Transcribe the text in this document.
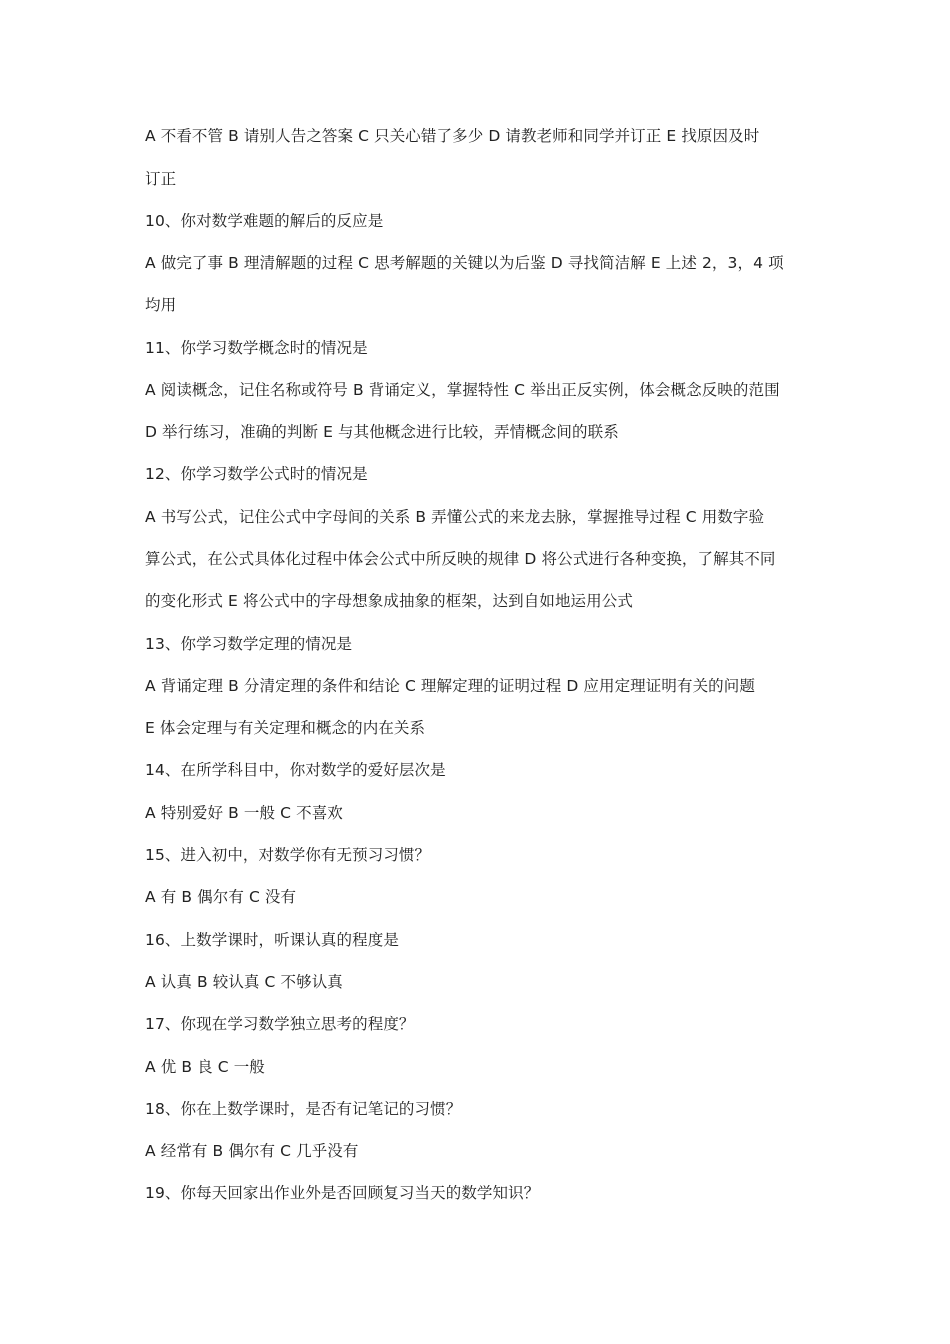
A 不看不管 B 请别人告之答案 C 只关心错了多少 D 请教老师和同学并订正 E 找原因及时
订正
10、你对数学难题的解后的反应是
A 做完了事 B 理清解题的过程 C 思考解题的关键以为后鉴 D 寻找简洁解 E 上述 2，3，4 项
均用
11、你学习数学概念时的情况是
A 阅读概念，记住名称或符号 B 背诵定义，掌握特性 C 举出正反实例，体会概念反映的范围
D 举行练习，准确的判断 E 与其他概念进行比较，弄情概念间的联系
12、你学习数学公式时的情况是
A 书写公式，记住公式中字母间的关系 B 弄懂公式的来龙去脉，掌握推导过程 C 用数字验
算公式，在公式具体化过程中体会公式中所反映的规律 D 将公式进行各种变换，了解其不同
的变化形式 E 将公式中的字母想象成抽象的框架，达到自如地运用公式
13、你学习数学定理的情况是
A 背诵定理 B 分清定理的条件和结论 C 理解定理的证明过程 D 应用定理证明有关的问题
E 体会定理与有关定理和概念的内在关系
14、在所学科目中，你对数学的爱好层次是
A 特别爱好 B 一般 C 不喜欢
15、进入初中，对数学你有无预习习惯？
A 有 B 偶尔有 C 没有
16、上数学课时，听课认真的程度是
A 认真 B 较认真 C 不够认真
17、你现在学习数学独立思考的程度？
A 优 B 良 C 一般
18、你在上数学课时，是否有记笔记的习惯？
A 经常有 B 偶尔有 C 几乎没有
19、你每天回家出作业外是否回顾复习当天的数学知识？
